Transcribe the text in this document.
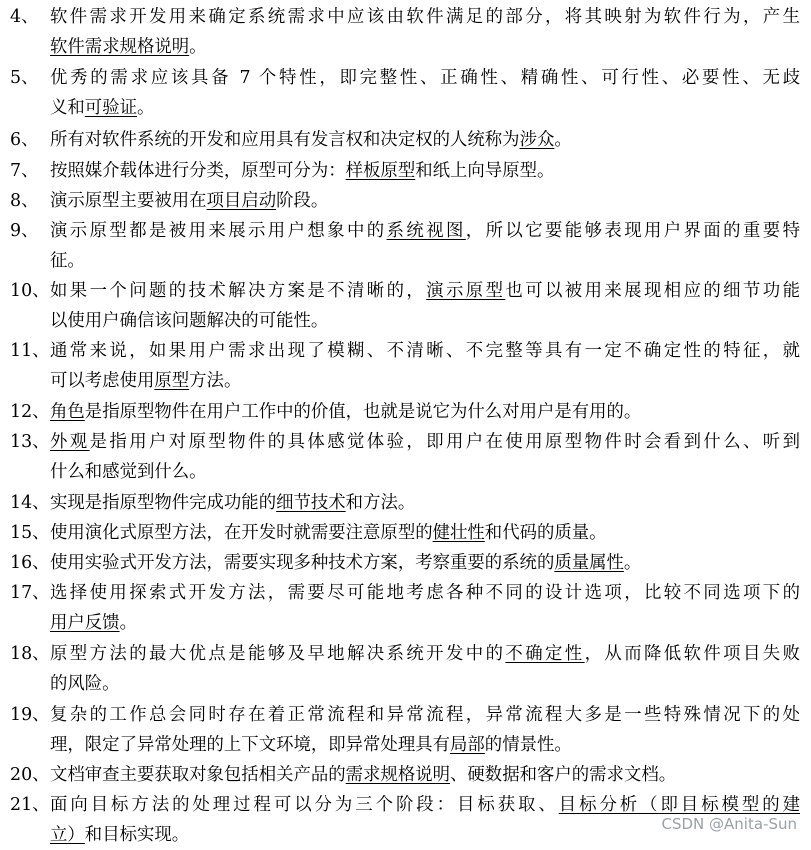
4、 软件需求开发用来确定系统需求中应该由软件满足的部分，将其映射为软件行为，产生
软件需求规格说明。
5、 优秀的需求应该具备 7 个特性，即完整性、正确性、精确性、可行性、必要性、无歧
义和可验证。
6、 所有对软件系统的开发和应用具有发言权和决定权的人统称为涉众。
7、 按照媒介载体进行分类，原型可分为：样板原型和纸上向导原型。
8、 演示原型主要被用在项目启动阶段。
9、 演示原型都是被用来展示用户想象中的系统视图，所以它要能够表现用户界面的重要特
征。
10、 如果一个问题的技术解决方案是不清晰的，演示原型也可以被用来展现相应的细节功能
以使用户确信该问题解决的可能性。
11、 通常来说，如果用户需求出现了模糊、不清晰、不完整等具有一定不确定性的特征，就
可以考虑使用原型方法。
12、 角色是指原型物件在用户工作中的价值，也就是说它为什么对用户是有用的。
13、 外观是指用户对原型物件的具体感觉体验，即用户在使用原型物件时会看到什么、听到
什么和感觉到什么。
14、 实现是指原型物件完成功能的细节技术和方法。
15、 使用演化式原型方法，在开发时就需要注意原型的健壮性和代码的质量。
16、 使用实验式开发方法，需要实现多种技术方案，考察重要的系统的质量属性。
17、 选择使用探索式开发方法，需要尽可能地考虑各种不同的设计选项，比较不同选项下的
用户反馈。
18、 原型方法的最大优点是能够及早地解决系统开发中的不确定性，从而降低软件项目失败
的风险。
19、 复杂的工作总会同时存在着正常流程和异常流程，异常流程大多是一些特殊情况下的处
理，限定了异常处理的上下文环境，即异常处理具有局部的情景性。
20、 文档审查主要获取对象包括相关产品的需求规格说明、硬数据和客户的需求文档。
21、 面向目标方法的处理过程可以分为三个阶段：目标获取、目标分析（即目标模型的建
立）和目标实现。
CSDN @Anita-Sun
